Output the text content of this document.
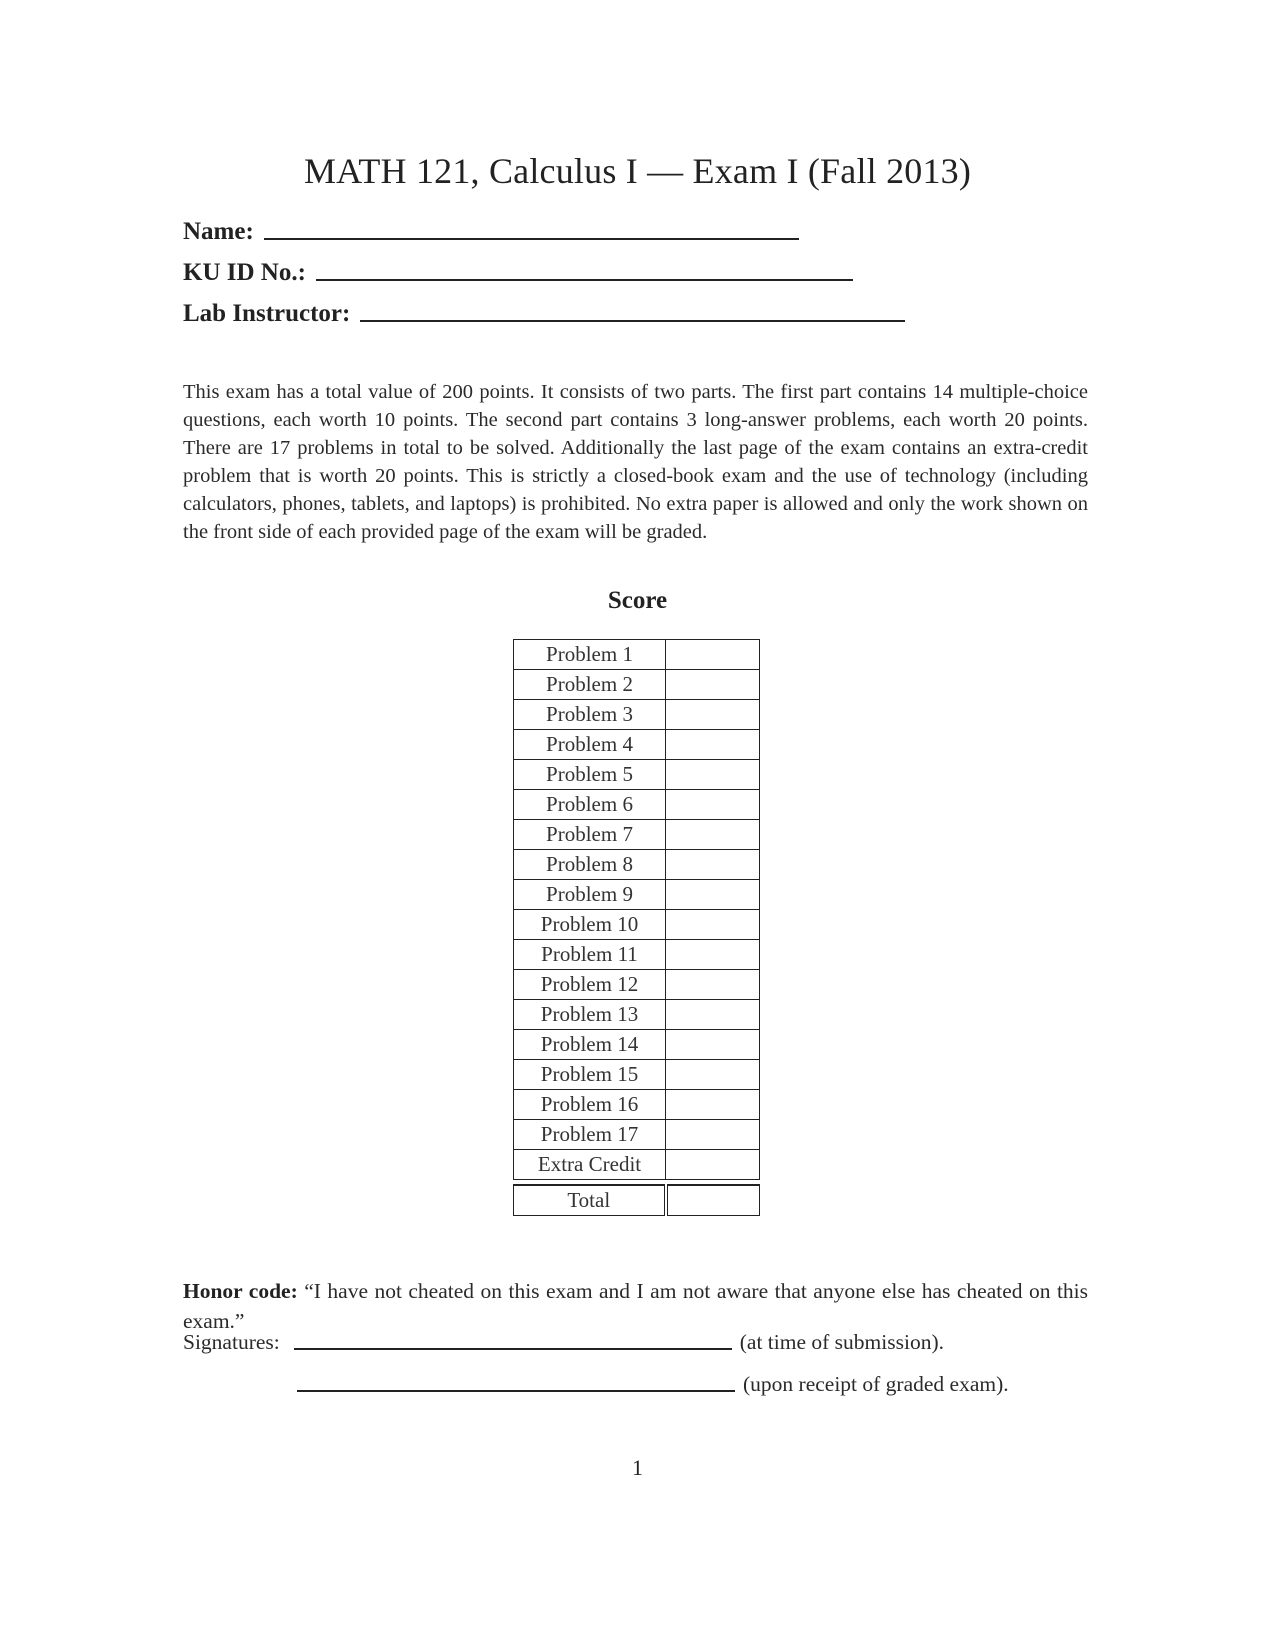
MATH 121, Calculus I — Exam I (Fall 2013)
Name:
KU ID No.:
Lab Instructor:
This exam has a total value of 200 points. It consists of two parts. The first part contains 14 multiple-choice questions, each worth 10 points. The second part contains 3 long-answer problems, each worth 20 points. There are 17 problems in total to be solved. Additionally the last page of the exam contains an extra-credit problem that is worth 20 points. This is strictly a closed-book exam and the use of technology (including calculators, phones, tablets, and laptops) is prohibited. No extra paper is allowed and only the work shown on the front side of each provided page of the exam will be graded.
Score
Problem 1	
Problem 2	
Problem 3	
Problem 4	
Problem 5	
Problem 6	
Problem 7	
Problem 8	
Problem 9	
Problem 10	
Problem 11	
Problem 12	
Problem 13	
Problem 14	
Problem 15	
Problem 16	
Problem 17	
Extra Credit	

Total	
Honor code: “I have not cheated on this exam and I am not aware that anyone else has cheated on this exam.”
Signatures:	(at time of submission).
(upon receipt of graded exam).
1
